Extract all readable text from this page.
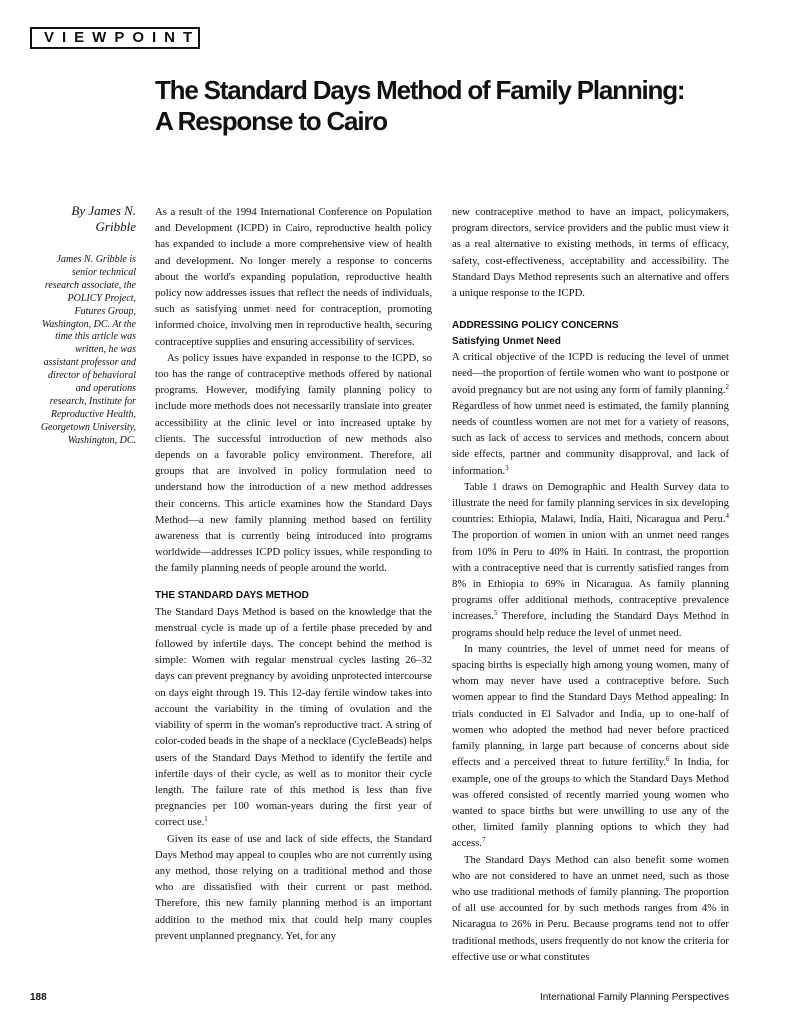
VIEWPOINT
The Standard Days Method of Family Planning:
A Response to Cairo

By James N.
Gribble

James N. Gribble is senior technical research associate, the POLICY Project, Futures Group, Washington, DC. At the time this article was written, he was assistant professor and director of behavioral and operations research, Institute for Reproductive Health, Georgetown University, Washington, DC.

As a result of the 1994 International Conference on Population and Development (ICPD) in Cairo, reproductive health policy has expanded to include a more comprehensive view of health and development. No longer merely a response to concerns about the world's expanding population, reproductive health policy now addresses issues that reflect the needs of individuals, such as satisfying unmet need for contraception, promoting informed choice, involving men in reproductive health, securing contraceptive supplies and ensuring accessibility of services.

As policy issues have expanded in response to the ICPD, so too has the range of contraceptive methods offered by national programs. However, modifying family planning policy to include more methods does not necessarily translate into greater accessibility at the clinic level or into increased uptake by clients. The successful introduction of new methods also depends on a favorable policy environment. Therefore, all groups that are involved in policy formulation need to understand how the introduction of a new method addresses their concerns. This article examines how the Standard Days Method—a new family planning method based on fertility awareness that is currently being introduced into programs worldwide—addresses ICPD policy issues, while responding to the family planning needs of people around the world.

THE STANDARD DAYS METHOD

The Standard Days Method is based on the knowledge that the menstrual cycle is made up of a fertile phase preceded by and followed by infertile days. The concept behind the method is simple: Women with regular menstrual cycles lasting 26–32 days can prevent pregnancy by avoiding unprotected intercourse on days eight through 19. This 12-day fertile window takes into account the variability in the timing of ovulation and the viability of sperm in the woman's reproductive tract. A string of color-coded beads in the shape of a necklace (CycleBeads) helps users of the Standard Days Method to identify the fertile and infertile days of their cycle, as well as to monitor their cycle length. The failure rate of this method is less than five pregnancies per 100 woman-years during the first year of correct use.$^1$

Given its ease of use and lack of side effects, the Standard Days Method may appeal to couples who are not currently using any method, those relying on a traditional method and those who are dissatisfied with their current or past method. Therefore, this new family planning method is an important addition to the method mix that could help many couples prevent unplanned pregnancy. Yet, for any

new contraceptive method to have an impact, policymakers, program directors, service providers and the public must view it as a real alternative to existing methods, in terms of efficacy, safety, cost-effectiveness, acceptability and accessibility. The Standard Days Method represents such an alternative and offers a unique response to the ICPD.

ADDRESSING POLICY CONCERNS

Satisfying Unmet Need

A critical objective of the ICPD is reducing the level of unmet need—the proportion of fertile women who want to postpone or avoid pregnancy but are not using any form of family planning.$^2$ Regardless of how unmet need is estimated, the family planning needs of countless women are not met for a variety of reasons, such as lack of access to services and methods, concern about side effects, partner and community disapproval, and lack of information.$^3$

Table 1 draws on Demographic and Health Survey data to illustrate the need for family planning services in six developing countries: Ethiopia, Malawi, India, Haiti, Nicaragua and Peru.$^4$ The proportion of women in union with an unmet need ranges from 10% in Peru to 40% in Haiti. In contrast, the proportion with a contraceptive need that is currently satisfied ranges from 8% in Ethiopia to 69% in Nicaragua. As family planning programs offer additional methods, contraceptive prevalence increases.$^5$ Therefore, including the Standard Days Method in programs should help reduce the level of unmet need.

In many countries, the level of unmet need for means of spacing births is especially high among young women, many of whom may never have used a contraceptive before. Such women appear to find the Standard Days Method appealing: In trials conducted in El Salvador and India, up to one-half of women who adopted the method had never before practiced family planning, in large part because of concerns about side effects and a perceived threat to future fertility.$^6$ In India, for example, one of the groups to which the Standard Days Method was offered consisted of recently married young women who wanted to space births but were unwilling to use any of the other, limited family planning options to which they had access.$^7$

The Standard Days Method can also benefit some women who are not considered to have an unmet need, such as those who use traditional methods of family planning. The proportion of all use accounted for by such methods ranges from 4% in Nicaragua to 26% in Peru. Because programs tend not to offer traditional methods, users frequently do not know the criteria for effective use or what constitutes

188	International Family Planning Perspectives
